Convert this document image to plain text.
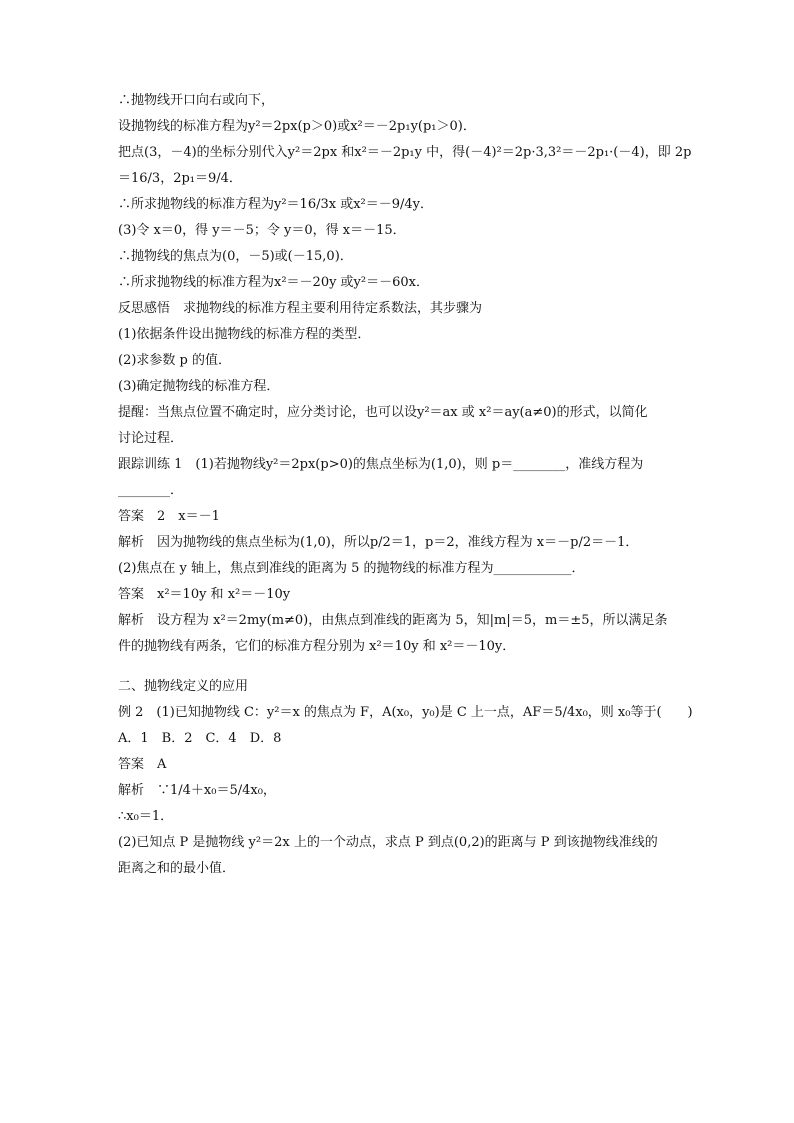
∴抛物线开口向右或向下，
设抛物线的标准方程为y²＝2px(p＞0)或x²＝－2p₁y(p₁＞0)．
把点(3，－4)的坐标分别代入y²＝2px 和x²＝－2p₁y 中，得(－4)²＝2p·3,3²＝－2p₁·(－4)，即 2p
＝16/3，2p₁＝9/4．
∴所求抛物线的标准方程为y²＝16/3x 或x²＝－9/4y．
(3)令 x＝0，得 y＝－5；令 y＝0，得 x＝－15．
∴抛物线的焦点为(0，－5)或(－15,0)．
∴所求抛物线的标准方程为x²＝－20y 或y²＝－60x．
反思感悟　求抛物线的标准方程主要利用待定系数法，其步骤为
(1)依据条件设出抛物线的标准方程的类型．
(2)求参数 p 的值．
(3)确定抛物线的标准方程．
提醒：当焦点位置不确定时，应分类讨论，也可以设y²＝ax 或 x²＝ay(a≠0)的形式，以简化
讨论过程．
跟踪训练 1　(1)若抛物线y²＝2px(p>0)的焦点坐标为(1,0)，则 p＝________，准线方程为
________．
答案　2　x＝－1
解析　因为抛物线的焦点坐标为(1,0)，所以p/2＝1，p＝2，准线方程为 x＝－p/2＝－1．
(2)焦点在 y 轴上，焦点到准线的距离为 5 的抛物线的标准方程为____________．
答案　x²＝10y 和 x²＝－10y
解析　设方程为 x²＝2my(m≠0)，由焦点到准线的距离为 5，知|m|＝5，m＝±5，所以满足条
件的抛物线有两条，它们的标准方程分别为 x²＝10y 和 x²＝－10y．
二、抛物线定义的应用
例 2　(1)已知抛物线 C：y²＝x 的焦点为 F，A(x₀，y₀)是 C 上一点，AF＝5/4x₀，则 x₀等于(　　)
A．1　B．2　C．4　D．8
答案　A
解析　∵1/4＋x₀＝5/4x₀，
∴x₀＝1．
(2)已知点 P 是抛物线 y²＝2x 上的一个动点，求点 P 到点(0,2)的距离与 P 到该抛物线准线的
距离之和的最小值．
